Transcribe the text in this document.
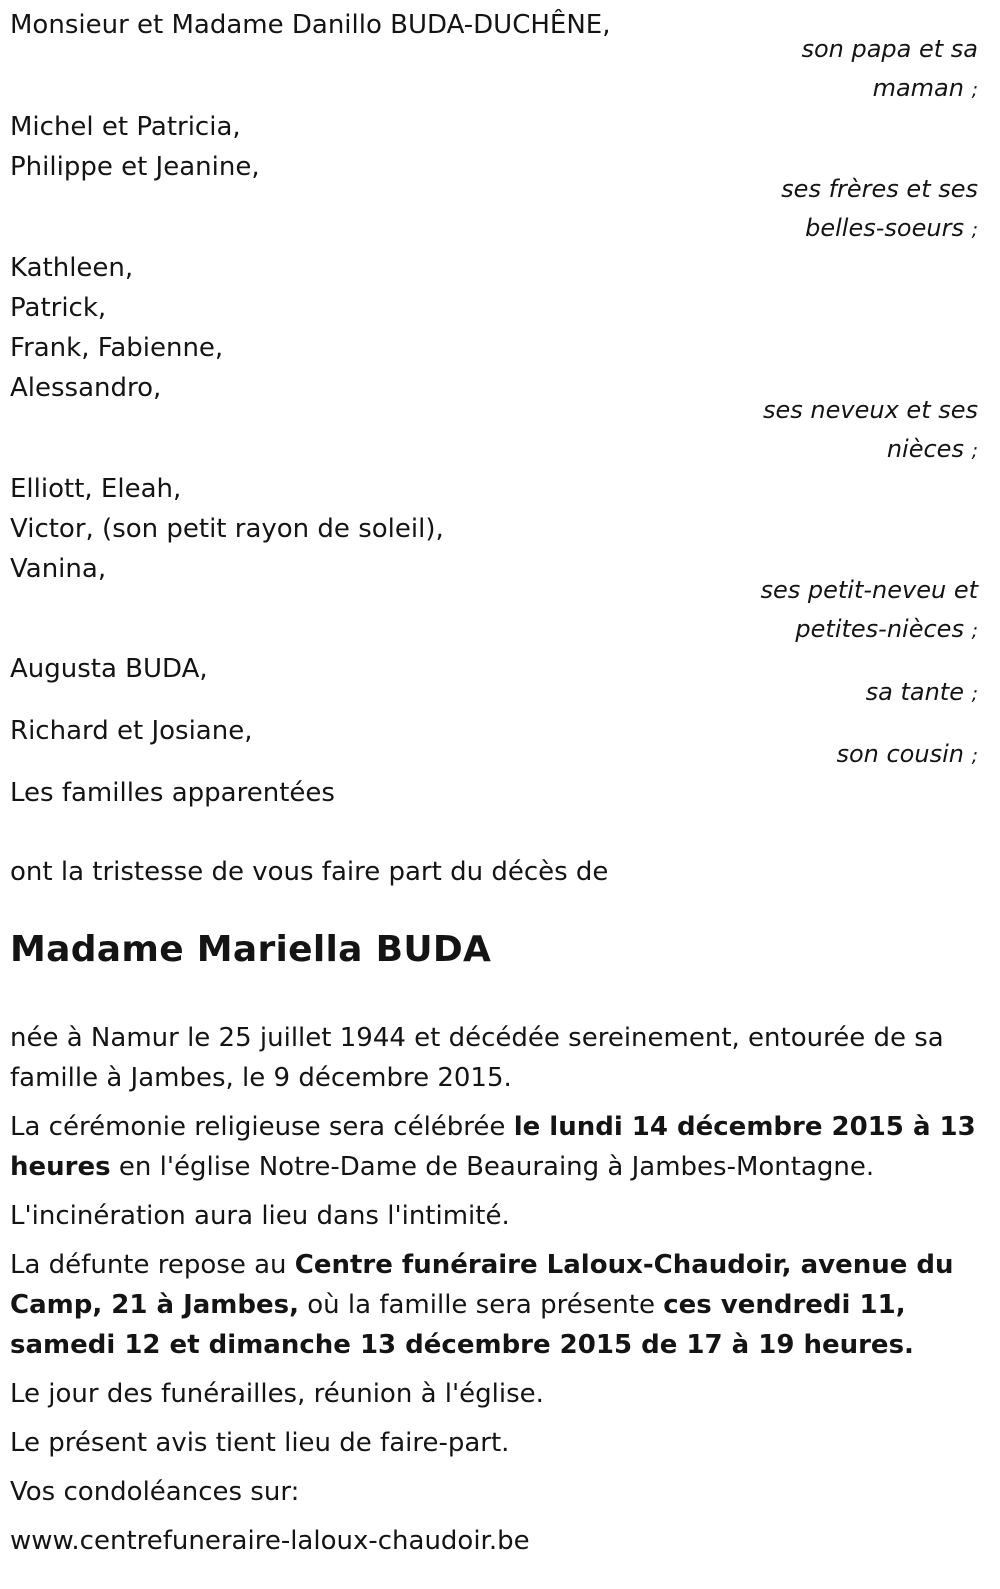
Monsieur et Madame Danillo BUDA-DUCHÊNE,
son papa et sa
maman ;
Michel et Patricia,
Philippe et Jeanine,
ses frères et ses
belles-soeurs ;
Kathleen,
Patrick,
Frank, Fabienne,
Alessandro,
ses neveux et ses
nièces ;
Elliott, Eleah,
Victor, (son petit rayon de soleil),
Vanina,
ses petit-neveu et
petites-nièces ;
Augusta BUDA,
sa tante ;
Richard et Josiane,
son cousin ;
Les familles apparentées
ont la tristesse de vous faire part du décès de
Madame Mariella BUDA
née à Namur le 25 juillet 1944 et décédée sereinement, entourée de sa famille à Jambes, le 9 décembre 2015.
La cérémonie religieuse sera célébrée le lundi 14 décembre 2015 à 13 heures en l'église Notre-Dame de Beauraing à Jambes-Montagne.
L'incinération aura lieu dans l'intimité.
La défunte repose au Centre funéraire Laloux-Chaudoir, avenue du Camp, 21 à Jambes, où la famille sera présente ces vendredi 11, samedi 12 et dimanche 13 décembre 2015 de 17 à 19 heures.
Le jour des funérailles, réunion à l'église.
Le présent avis tient lieu de faire-part.
Vos condoléances sur:
www.centrefuneraire-laloux-chaudoir.be
